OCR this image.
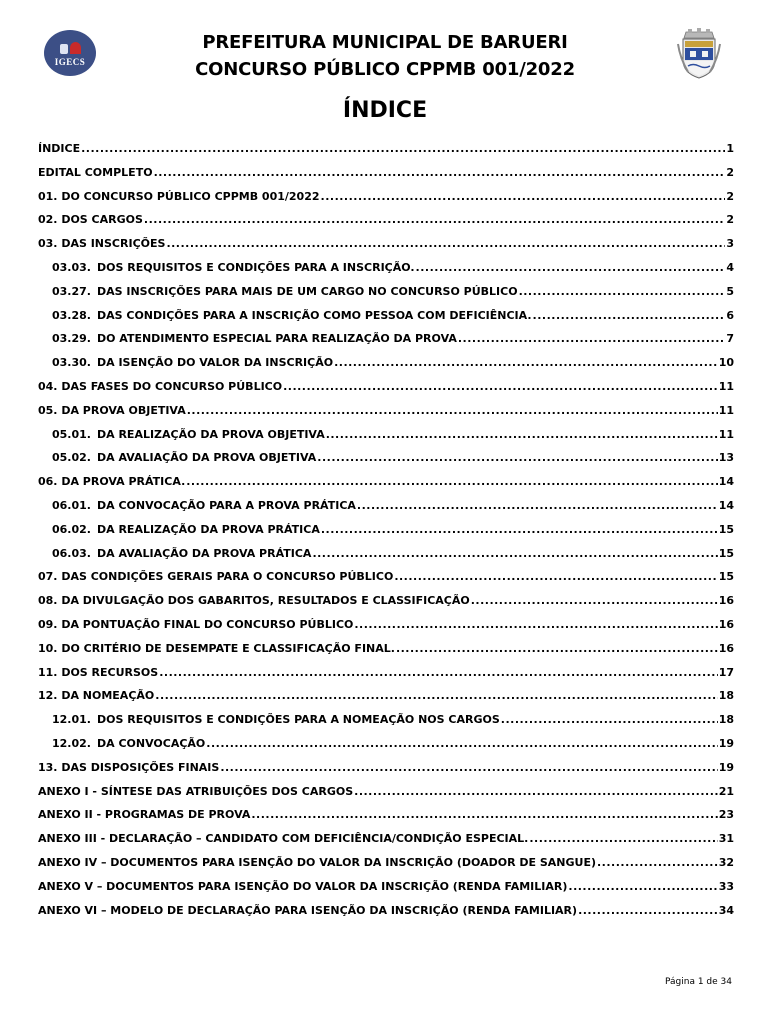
IGECS
PREFEITURA MUNICIPAL DE BARUERI
CONCURSO PÚBLICO CPPMB 001/2022
ÍNDICE
ÍNDICE .....	1
EDITAL COMPLETO .....	2
01. DO CONCURSO PÚBLICO CPPMB 001/2022 .....	2
02. DOS CARGOS .....	2
03. DAS INSCRIÇÕES .....	3
03.03. DOS REQUISITOS E CONDIÇÕES PARA A INSCRIÇÃO. .....	4
03.27. DAS INSCRIÇÕES PARA MAIS DE UM CARGO NO CONCURSO PÚBLICO .....	5
03.28. DAS CONDIÇÕES PARA A INSCRIÇÃO COMO PESSOA COM DEFICIÊNCIA. .....	6
03.29. DO ATENDIMENTO ESPECIAL PARA REALIZAÇÃO DA PROVA .....	7
03.30. DA ISENÇÃO DO VALOR DA INSCRIÇÃO .....	10
04. DAS FASES DO CONCURSO PÚBLICO .....	11
05. DA PROVA OBJETIVA .....	11
05.01. DA REALIZAÇÃO DA PROVA OBJETIVA .....	11
05.02. DA AVALIAÇÃO DA PROVA OBJETIVA .....	13
06. DA PROVA PRÁTICA. .....	14
06.01. DA CONVOCAÇÃO PARA A PROVA PRÁTICA .....	14
06.02. DA REALIZAÇÃO DA PROVA PRÁTICA .....	15
06.03. DA AVALIAÇÃO DA PROVA PRÁTICA .....	15
07. DAS CONDIÇÕES GERAIS PARA O CONCURSO PÚBLICO .....	15
08. DA DIVULGAÇÃO DOS GABARITOS, RESULTADOS E CLASSIFICAÇÃO .....	16
09. DA PONTUAÇÃO FINAL DO CONCURSO PÚBLICO .....	16
10. DO CRITÉRIO DE DESEMPATE E CLASSIFICAÇÃO FINAL. .....	16
11. DOS RECURSOS .....	17
12. DA NOMEAÇÃO .....	18
12.01. DOS REQUISITOS E CONDIÇÕES PARA A NOMEAÇÃO NOS CARGOS .....	18
12.02. DA CONVOCAÇÃO .....	19
13. DAS DISPOSIÇÕES FINAIS .....	19
ANEXO I - SÍNTESE DAS ATRIBUIÇÕES DOS CARGOS .....	21
ANEXO II - PROGRAMAS DE PROVA .....	23
ANEXO III - DECLARAÇÃO – CANDIDATO COM DEFICIÊNCIA/CONDIÇÃO ESPECIAL. .....	31
ANEXO IV – DOCUMENTOS PARA ISENÇÃO DO VALOR DA INSCRIÇÃO (DOADOR DE SANGUE) .....	32
ANEXO V – DOCUMENTOS PARA ISENÇÃO DO VALOR DA INSCRIÇÃO (RENDA FAMILIAR) .....	33
ANEXO VI – MODELO DE DECLARAÇÃO PARA ISENÇÃO DA INSCRIÇÃO (RENDA FAMILIAR) .....	34
Página 1 de 34
